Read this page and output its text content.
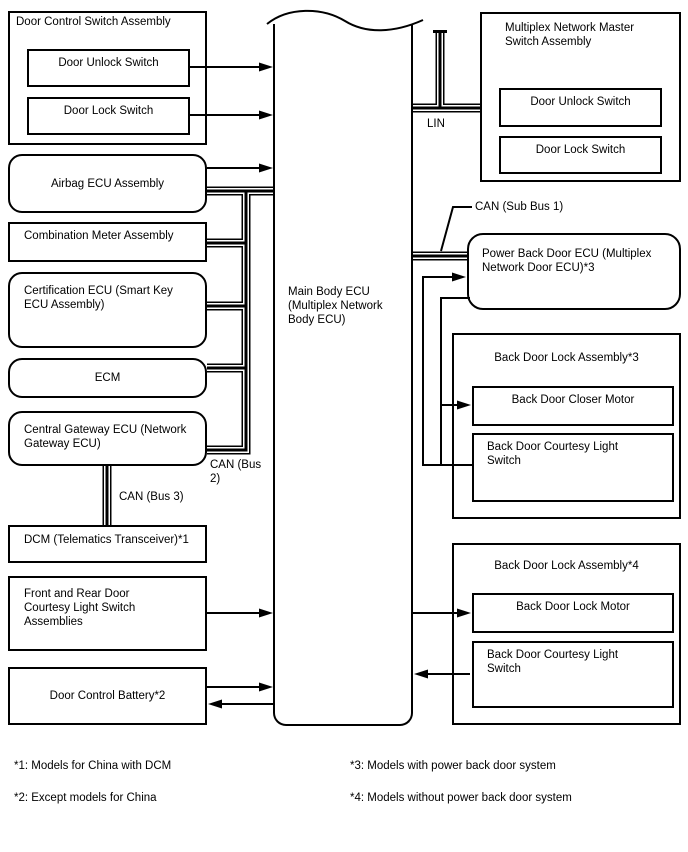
Door Control Switch Assembly
Door Unlock Switch
Door Lock Switch
Airbag ECU Assembly
Combination Meter Assembly
Certification ECU (Smart Key ECU Assembly)
ECM
Central Gateway ECU (Network Gateway ECU)
DCM (Telematics Transceiver)*1
Front and Rear Door Courtesy Light Switch Assemblies
Door Control Battery*2
Main Body ECU (Multiplex Network Body ECU)
Multiplex Network Master Switch Assembly
Door Unlock Switch
Door Lock Switch
Power Back Door ECU (Multiplex Network Door ECU)*3
Back Door Lock Assembly*3
Back Door Closer Motor
Back Door Courtesy Light Switch
Back Door Lock Assembly*4
Back Door Lock Motor
Back Door Courtesy Light Switch
LIN
CAN (Sub Bus 1)
CAN (Bus 2)
CAN (Bus 3)
*1: Models for China with DCM
*2: Except models for China
*3: Models with power back door system
*4: Models without power back door system
